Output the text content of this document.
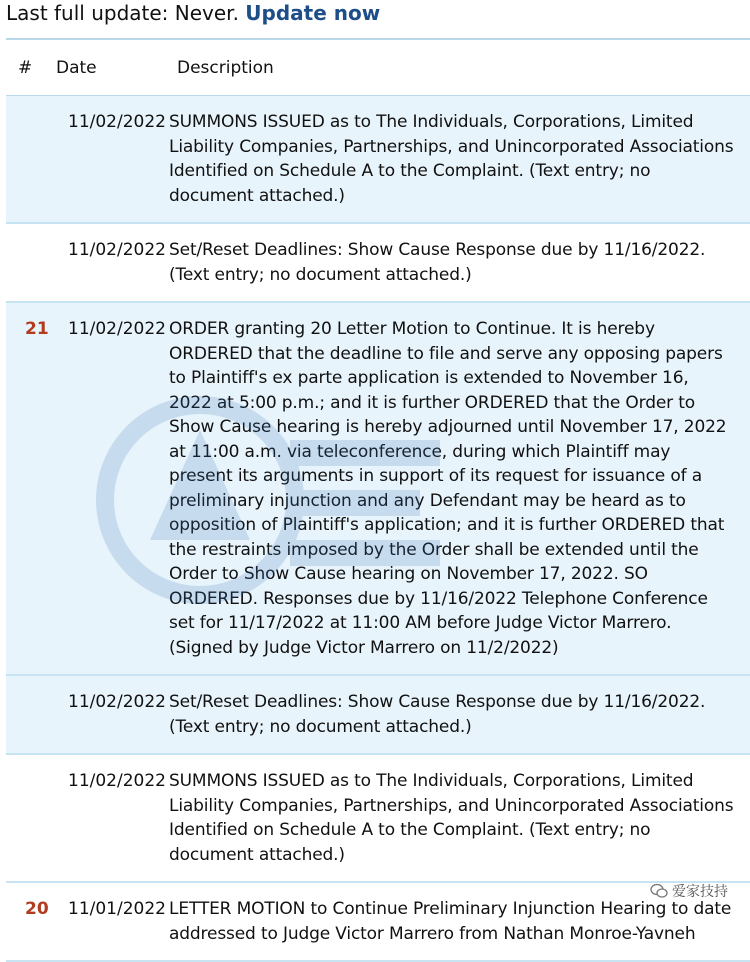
Last full update: Never. Update now
# Date	Description
11/02/2022 SUMMONS ISSUED as to The Individuals, Corporations, Limited Liability Companies, Partnerships, and Unincorporated Associations Identified on Schedule A to the Complaint. (Text entry; no document attached.)
11/02/2022 Set/Reset Deadlines: Show Cause Response due by 11/16/2022. (Text entry; no document attached.)
21 11/02/2022 ORDER granting 20 Letter Motion to Continue. It is hereby ORDERED that the deadline to file and serve any opposing papers to Plaintiff's ex parte application is extended to November 16, 2022 at 5:00 p.m.; and it is further ORDERED that the Order to Show Cause hearing is hereby adjourned until November 17, 2022 at 11:00 a.m. via teleconference, during which Plaintiff may present its arguments in support of its request for issuance of a preliminary injunction and any Defendant may be heard as to opposition of Plaintiff's application; and it is further ORDERED that the restraints imposed by the Order shall be extended until the Order to Show Cause hearing on November 17, 2022. SO ORDERED. Responses due by 11/16/2022 Telephone Conference set for 11/17/2022 at 11:00 AM before Judge Victor Marrero. (Signed by Judge Victor Marrero on 11/2/2022)
11/02/2022 Set/Reset Deadlines: Show Cause Response due by 11/16/2022. (Text entry; no document attached.)
11/02/2022 SUMMONS ISSUED as to The Individuals, Corporations, Limited Liability Companies, Partnerships, and Unincorporated Associations Identified on Schedule A to the Complaint. (Text entry; no document attached.)
20 11/01/2022 LETTER MOTION to Continue Preliminary Injunction Hearing to date addressed to Judge Victor Marrero from Nathan Monroe-Yavneh
爱家技持
